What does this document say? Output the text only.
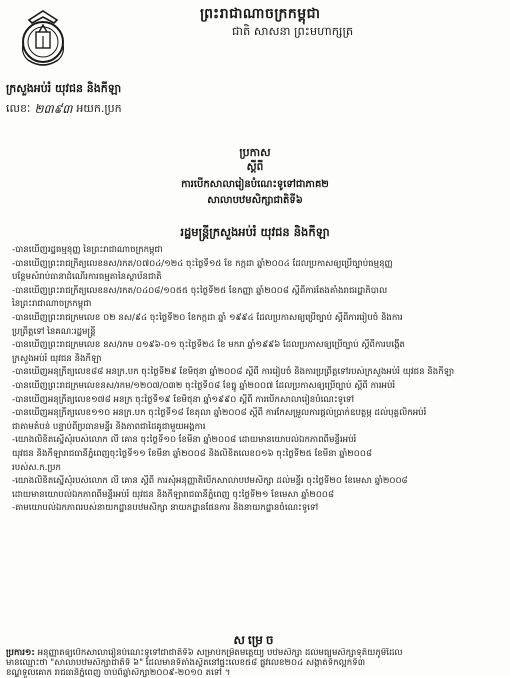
ព្រះរាជាណាចក្រកម្ពុជា
ជាតិ សាសនា ព្រះមហាក្សត្រ
ក្រសួងអប់រំ យុវជន និងកីឡា
លេខៈ ២៣៩៣ អយក.ប្រក
ប្រកាស
ស្តីពី
ការបើកសាលារៀនបំណេះទូទៅជាភាគ២
សាលាបឋមសិក្សាជាតិទី៦
រដ្ឋមន្ត្រីក្រសួងអប់រំ យុវជន និងកីឡា
-បានឃើញរដ្ឋធម្មនុញ្ញ នៃព្រះរាជាណាចក្រកម្ពុជា
-បានឃើញព្រះរាជក្រឹត្យលេខនស/រកត/០៧០៤/១២៤ ចុះថ្ងៃទី១៥ ខែ កក្កដា ឆ្នាំ២០០៤ ដែលប្រកាសឲ្យប្រើច្បាប់ធម្មនុញ្ញ
បន្ថែមសំរាប់ធានាដំណើរការធម្មតានៃស្ថាប័នជាតិ
-បានឃើញព្រះរាជក្រឹត្យលេខនស/រកត/០៤០៨/១០៥៥ ចុះថ្ងៃទី២៥ ខែកញ្ញា ឆ្នាំ២០០៨ ស្តីពីការតែងតាំងរាជរដ្ឋាភិបាល
នៃព្រះរាជាណាចក្រកម្ពុជា
-បានឃើញព្រះរាជក្រមលេខ ០២ នស/៩៤ ចុះថ្ងៃទី២០ ខែកក្កដា ឆ្នាំ ១៩៩៤ ដែលប្រកាសឲ្យប្រើច្បាប់ ស្តីពីការរៀបចំ និងការ
ប្រព្រឹត្តទៅ នៃគណៈរដ្ឋមន្ត្រី
-បានឃើញព្រះរាជក្រមលេខ នស/រកម ០១៩៦-០១ ចុះថ្ងៃទី២៤ ខែ មករា ឆ្នាំ១៩៩៦ ដែលប្រកាសឲ្យប្រើច្បាប់ ស្តីពីការបង្កើត
ក្រសួងអប់រំ យុវជន និងកីឡា
-បានឃើញអនុក្រឹត្យលេខ៨៨ អនក្រ.បក ចុះថ្ងៃទី២៩ ខែមិថុនា ឆ្នាំ២០០៨ ស្តីពី ការរៀបចំ និងការប្រព្រឹត្តទៅរបស់ក្រសួងអប់រំ យុវជន និងកីឡា
-បានឃើញព្រះរាជក្រមលេខនស/រកម/១២០៧/០៣២ ចុះថ្ងៃទី០៨ ខែធ្នូ ឆ្នាំ២០០៧ ដែលប្រកាសឲ្យប្រើច្បាប់ ស្តីពី ការអប់រំ
-បានឃើញអនុក្រឹត្យលេខ១៧៨ អនក្រ ចុះថ្ងៃទី១៩ ខែមិថុនា ឆ្នាំ១៩៩០ ស្តីពី ការបើកសាលារៀនបំណេះទូទៅ
-បានឃើញអនុក្រឹត្យលេខ១១០ អនក្រ.បក ចុះថ្ងៃទី១៨ ខែតុលា ឆ្នាំ២០០៨ ស្តីពី ការកែសម្រួលការផ្តល់ប្រាក់ឧបត្ថម្ភ ដល់បុគ្គលិកអប់រំ
ជាតាមតំបន់ បន្ទាប់ពីប្រធានមន្ទីរ និងភាពជាដៃគូជាមួយអង្គការ
-យោងលិខិតស្នើសុំរបស់លោក លី គោន ចុះថ្ងៃទី១០ ខែមីនា ឆ្នាំ២០០៨ ដោយមានយោបល់ឯកភាពពីមន្ទីរអប់រំ
យុវជន និងកីឡារាជធានីភ្នំពេញចុះថ្ងៃទី១១ ខែមីនា ឆ្នាំ២០០៨ និងលិខិតលេខ០១៦ ចុះថ្ងៃទី២៥ ខែមីនា ឆ្នាំ២០០៨
របស់ស.ក.ប្រក
-យោងលិខិតស្នើសុំរបស់លោក លី គោន ស្តីពី ការសុំអនុញ្ញាតិបើកសាលាបឋមសិក្សា ដល់មន្ទីរ ចុះថ្ងៃទី២០ ខែមេសា ឆ្នាំ២០០៨
ដោយមានយោបល់ឯកភាពពីមន្ទីរអប់រំ យុវជន និងកីឡារាជធានីភ្នំពេញ ចុះថ្ងៃទី២១ ខែមេសា ឆ្នាំ២០០៨
-តាមយោបល់ឯកភាពរបស់នាយកដ្ឋានបឋមសិក្សា នាយកដ្ឋានផែនការ និងនាយកដ្ឋានចំណេះទូទៅ
សម្រេច
ប្រការ១: អនុញ្ញាតឲ្យបើកសាលារៀនបំណេះទូទៅជាជាតិទី៦ សម្រាប់កម្រិតមត្តេយ្យ បឋមសិក្សា ដល់មធ្យមសិក្សាទុតិយភូមិដែល
មានឈ្មោះថា "សាលាបឋមសិក្សាជាតិទី ៦" ដែលមានទីតាំងស្ថិតនៅផ្ទះលេខ៥៨ ផ្លូវលេខ២០៤ សង្កាត់ទឹកល្អក់ទី៣
ខណ្ឌទួលគោក រាជធានីភ្នំពេញ ចាប់ពីឆ្នាំសិក្សា២០០៩-២០១០ តទៅ ។
